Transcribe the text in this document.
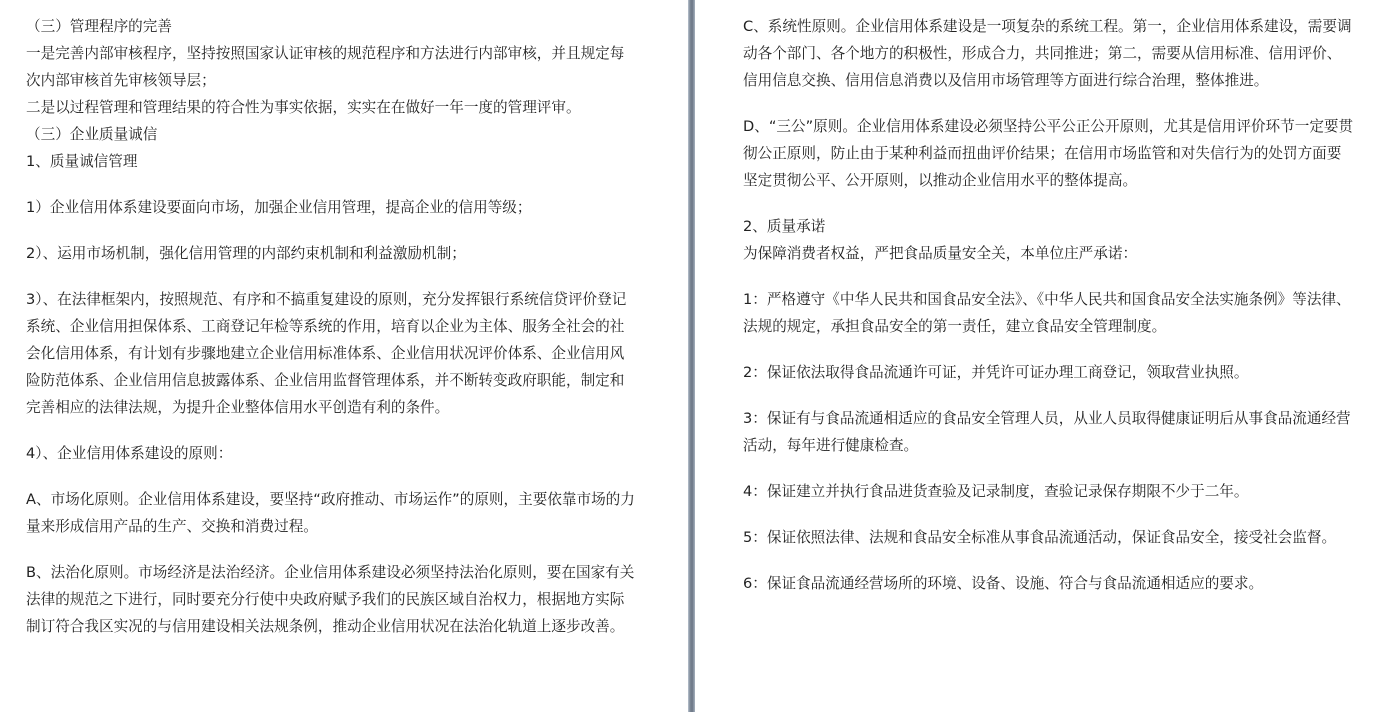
（三）管理程序的完善

一是完善内部审核程序，坚持按照国家认证审核的规范程序和方法进行内部审核，并且规定每次内部审核首先审核领导层；

二是以过程管理和管理结果的符合性为事实依据，实实在在做好一年一度的管理评审。

（三）企业质量诚信

1、质量诚信管理

1）企业信用体系建设要面向市场，加强企业信用管理，提高企业的信用等级；

2）、运用市场机制，强化信用管理的内部约束机制和利益激励机制；

3）、在法律框架内，按照规范、有序和不搞重复建设的原则，充分发挥银行系统信贷评价登记系统、企业信用担保体系、工商登记年检等系统的作用，培育以企业为主体、服务全社会的社会化信用体系，有计划有步骤地建立企业信用标准体系、企业信用状况评价体系、企业信用风险防范体系、企业信用信息披露体系、企业信用监督管理体系，并不断转变政府职能，制定和完善相应的法律法规，为提升企业整体信用水平创造有利的条件。

4）、企业信用体系建设的原则：

A、市场化原则。企业信用体系建设，要坚持“政府推动、市场运作”的原则，主要依靠市场的力量来形成信用产品的生产、交换和消费过程。

B、法治化原则。市场经济是法治经济。企业信用体系建设必须坚持法治化原则，要在国家有关法律的规范之下进行，同时要充分行使中央政府赋予我们的民族区域自治权力，根据地方实际制订符合我区实况的与信用建设相关法规条例，推动企业信用状况在法治化轨道上逐步改善。

C、系统性原则。企业信用体系建设是一项复杂的系统工程。第一，企业信用体系建设，需要调动各个部门、各个地方的积极性，形成合力，共同推进；第二，需要从信用标准、信用评价、信用信息交换、信用信息消费以及信用市场管理等方面进行综合治理，整体推进。

D、“三公”原则。企业信用体系建设必须坚持公平公正公开原则，尤其是信用评价环节一定要贯彻公正原则，防止由于某种利益而扭曲评价结果；在信用市场监管和对失信行为的处罚方面要坚定贯彻公平、公开原则，以推动企业信用水平的整体提高。

2、质量承诺

为保障消费者权益，严把食品质量安全关，本单位庄严承诺：

1：严格遵守《中华人民共和国食品安全法》、《中华人民共和国食品安全法实施条例》等法律、法规的规定，承担食品安全的第一责任，建立食品安全管理制度。

2：保证依法取得食品流通许可证，并凭许可证办理工商登记，领取营业执照。

3：保证有与食品流通相适应的食品安全管理人员，从业人员取得健康证明后从事食品流通经营活动，每年进行健康检查。

4：保证建立并执行食品进货查验及记录制度，查验记录保存期限不少于二年。

5：保证依照法律、法规和食品安全标准从事食品流通活动，保证食品安全，接受社会监督。

6：保证食品流通经营场所的环境、设备、设施、符合与食品流通相适应的要求。
